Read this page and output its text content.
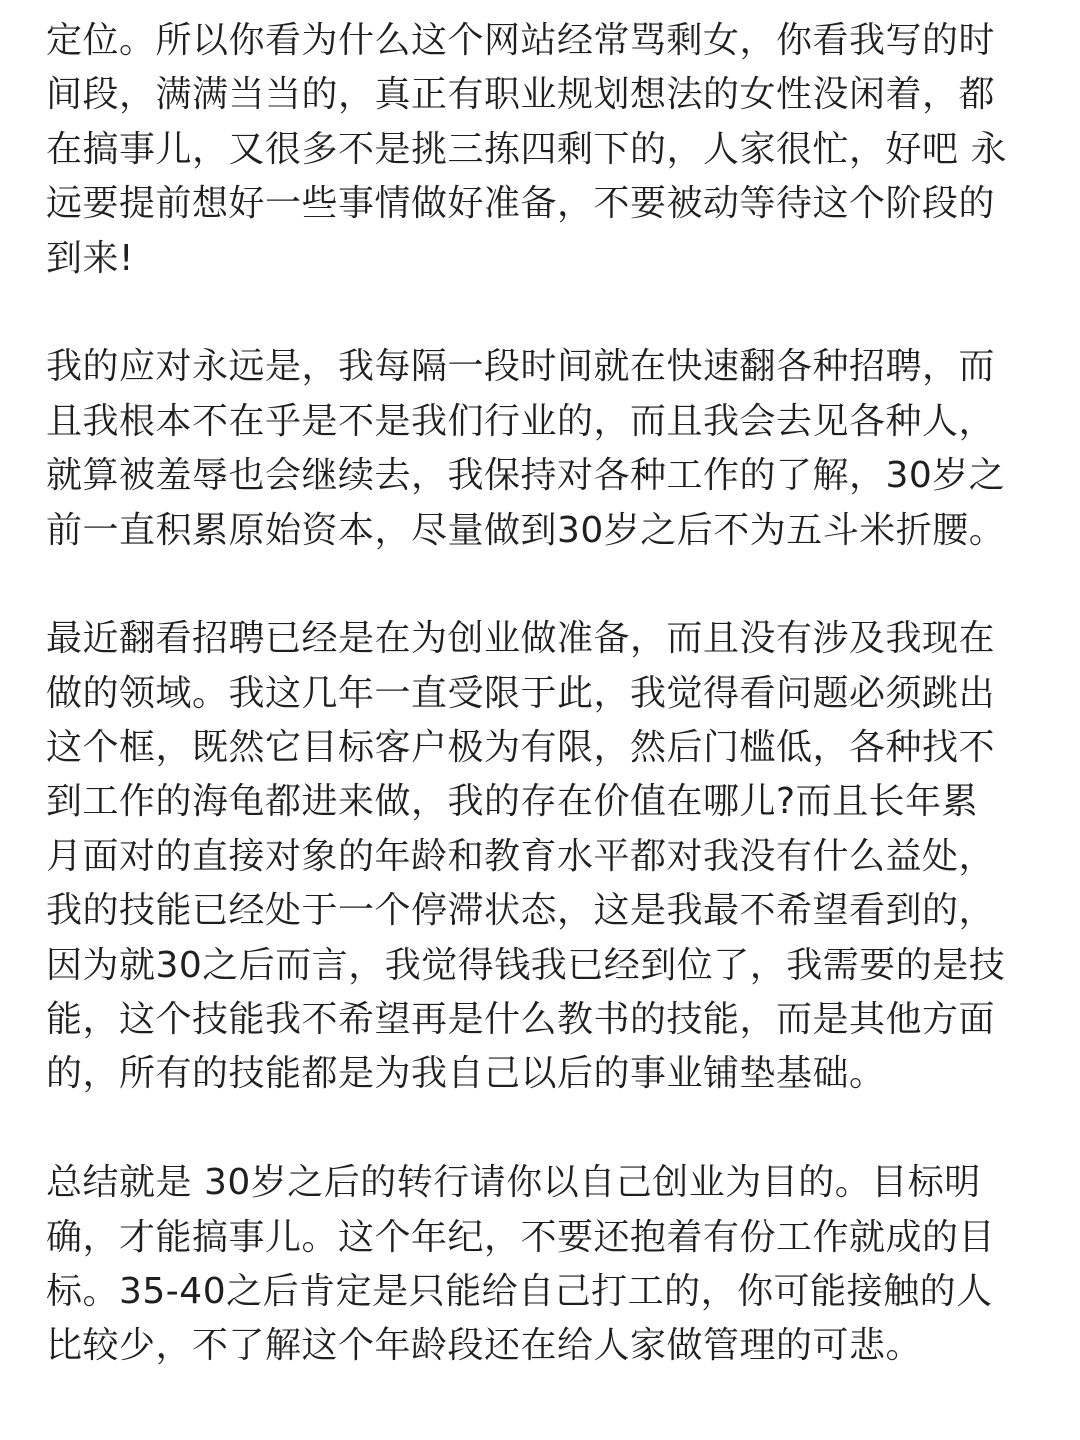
定位。所以你看为什么这个网站经常骂剩女，你看我写的时
间段，满满当当的，真正有职业规划想法的女性没闲着，都
在搞事儿，又很多不是挑三拣四剩下的，人家很忙，好吧 永
远要提前想好一些事情做好准备，不要被动等待这个阶段的
到来!
我的应对永远是，我每隔一段时间就在快速翻各种招聘，而
且我根本不在乎是不是我们行业的，而且我会去见各种人，
就算被羞辱也会继续去，我保持对各种工作的了解，30岁之
前一直积累原始资本，尽量做到30岁之后不为五斗米折腰。
最近翻看招聘已经是在为创业做准备，而且没有涉及我现在
做的领域。我这几年一直受限于此，我觉得看问题必须跳出
这个框，既然它目标客户极为有限，然后门槛低，各种找不
到工作的海龟都进来做，我的存在价值在哪儿?而且长年累
月面对的直接对象的年龄和教育水平都对我没有什么益处，
我的技能已经处于一个停滞状态，这是我最不希望看到的，
因为就30之后而言，我觉得钱我已经到位了，我需要的是技
能，这个技能我不希望再是什么教书的技能，而是其他方面
的，所有的技能都是为我自己以后的事业铺垫基础。
总结就是 30岁之后的转行请你以自己创业为目的。目标明
确，才能搞事儿。这个年纪，不要还抱着有份工作就成的目
标。35-40之后肯定是只能给自己打工的，你可能接触的人
比较少，不了解这个年龄段还在给人家做管理的可悲。
